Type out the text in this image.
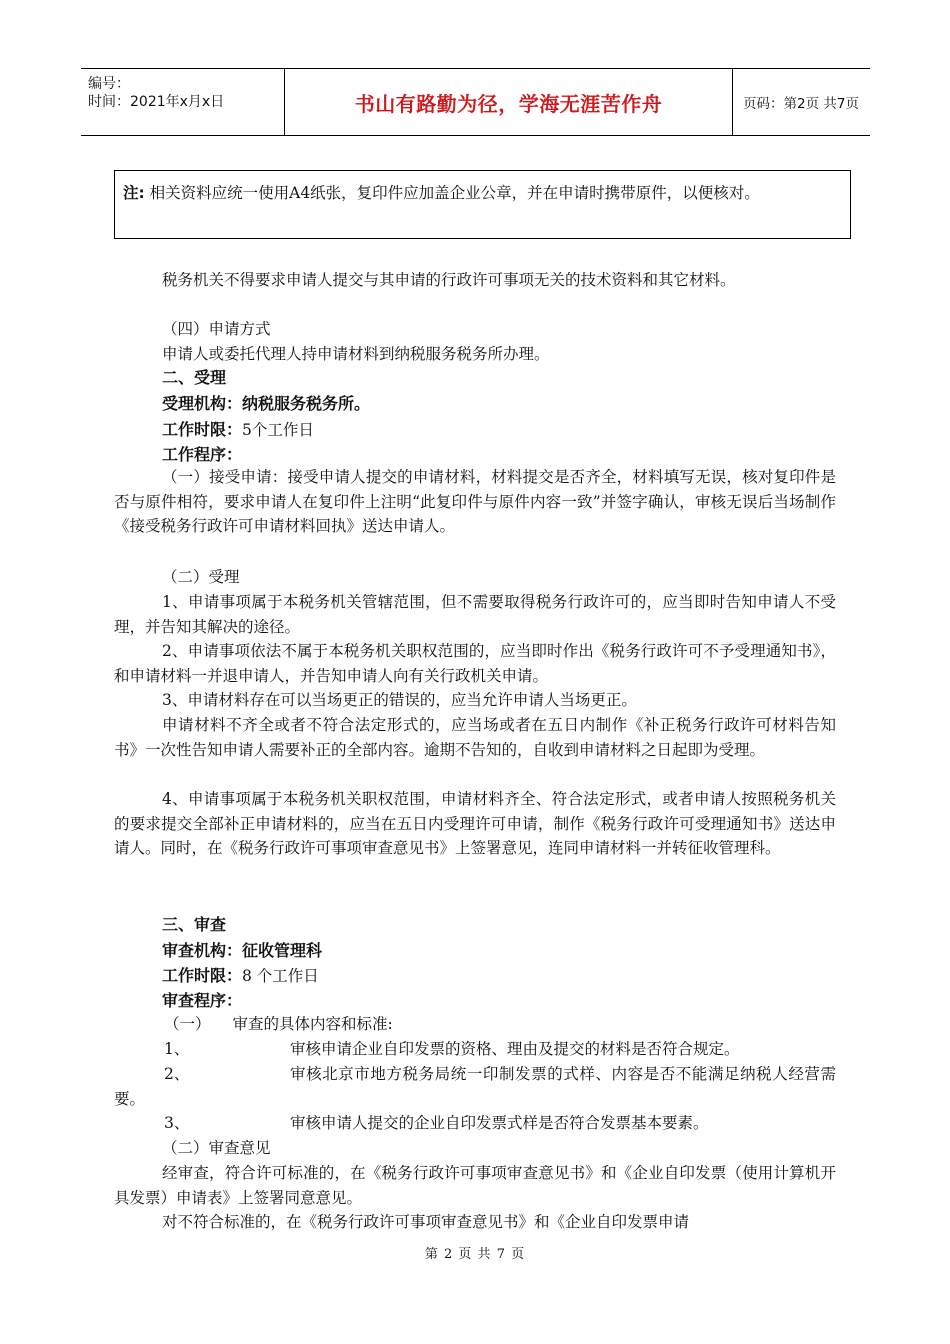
编号：
时间：2021年x月x日	书山有路勤为径，学海无涯苦作舟	页码：第2页 共7页
注: 相关资料应统一使用A4纸张，复印件应加盖企业公章，并在申请时携带原件，以便核对。

税务机关不得要求申请人提交与其申请的行政许可事项无关的技术资料和其它材料。

（四）申请方式

申请人或委托代理人持申请材料到纳税服务税务所办理。

二、受理

受理机构：纳税服务税务所。

工作时限：5个工作日

工作程序：

（一）接受申请：接受申请人提交的申请材料，材料提交是否齐全，材料填写无误，核对复印件是否与原件相符，要求申请人在复印件上注明“此复印件与原件内容一致”并签字确认，审核无误后当场制作《接受税务行政许可申请材料回执》送达申请人。

（二）受理

1、申请事项属于本税务机关管辖范围，但不需要取得税务行政许可的，应当即时告知申请人不受理，并告知其解决的途径。

2、申请事项依法不属于本税务机关职权范围的，应当即时作出《税务行政许可不予受理通知书》，和申请材料一并退申请人，并告知申请人向有关行政机关申请。

3、申请材料存在可以当场更正的错误的，应当允许申请人当场更正。

申请材料不齐全或者不符合法定形式的，应当场或者在五日内制作《补正税务行政许可材料告知书》一次性告知申请人需要补正的全部内容。逾期不告知的，自收到申请材料之日起即为受理。

4、申请事项属于本税务机关职权范围，申请材料齐全、符合法定形式，或者申请人按照税务机关的要求提交全部补正申请材料的，应当在五日内受理许可申请，制作《税务行政许可受理通知书》送达申请人。同时，在《税务行政许可事项审查意见书》上签署意见，连同申请材料一并转征收管理科。

三、审查

审查机构：征收管理科

工作时限：8 个工作日

审查程序：

（一） 审查的具体内容和标准:

1、	审核申请企业自印发票的资格、理由及提交的材料是否符合规定。
2、	审核北京市地方税务局统一印制发票的式样、内容是否不能满足纳税人经营需要。
3、	审核申请人提交的企业自印发票式样是否符合发票基本要素。

（二）审查意见

经审查，符合许可标准的，在《税务行政许可事项审查意见书》和《企业自印发票（使用计算机开具发票）申请表》上签署同意意见。

对不符合标准的，在《税务行政许可事项审查意见书》和《企业自印发票申请

第 2 页 共 7 页
